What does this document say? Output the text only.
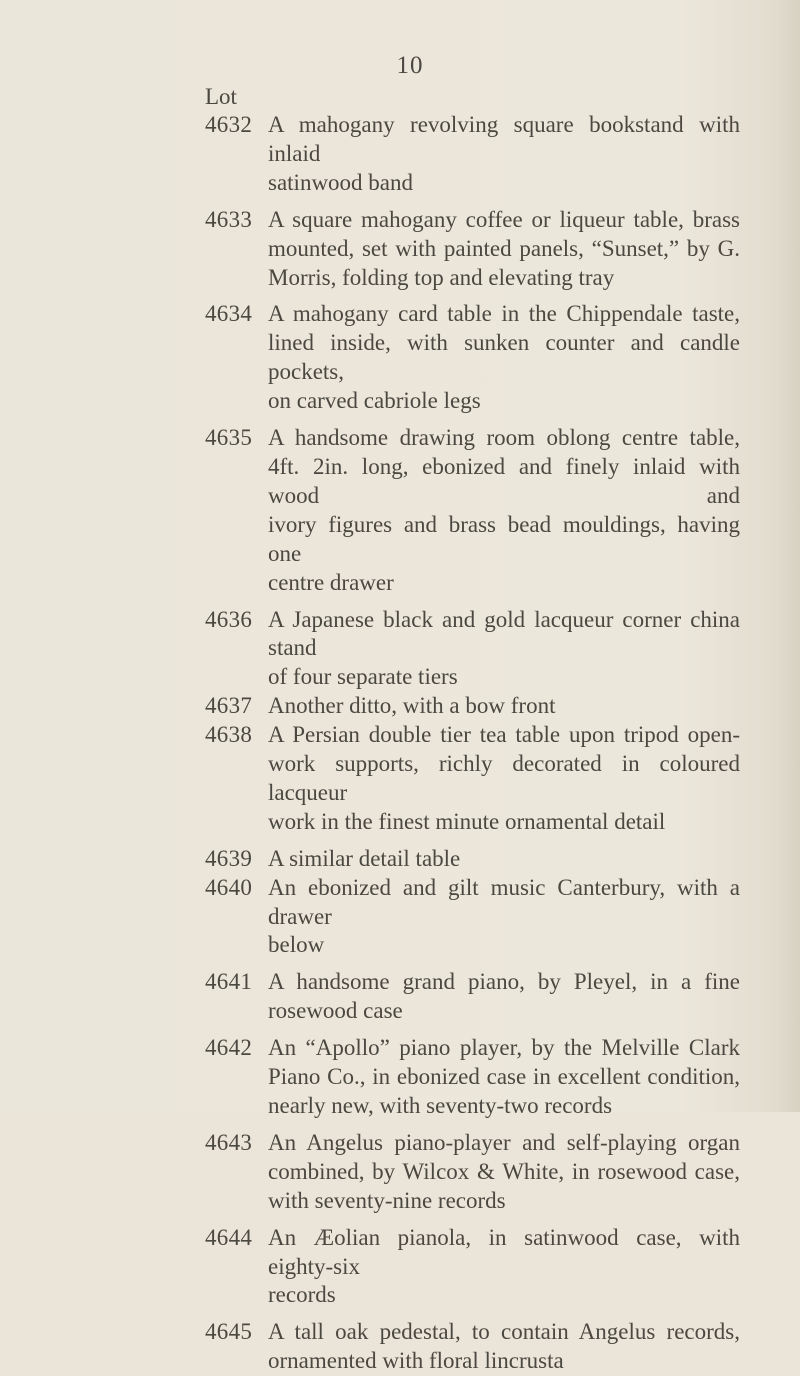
10
Lot
4632 A mahogany revolving square bookstand with inlaid
satinwood band
4633 A square mahogany coffee or liqueur table, brass
mounted, set with painted panels, “Sunset,” by G.
Morris, folding top and elevating tray
4634 A mahogany card table in the Chippendale taste,
lined inside, with sunken counter and candle pockets,
on carved cabriole legs
4635 A handsome drawing room oblong centre table,
4ft. 2in. long, ebonized and finely inlaid with wood and
ivory figures and brass bead mouldings, having one
centre drawer
4636 A Japanese black and gold lacqueur corner china stand
of four separate tiers
4637 Another ditto, with a bow front
4638 A Persian double tier tea table upon tripod open-
work supports, richly decorated in coloured lacqueur
work in the finest minute ornamental detail
4639 A similar detail table
4640 An ebonized and gilt music Canterbury, with a drawer
below
4641 A handsome grand piano, by Pleyel, in a fine
rosewood case
4642 An “Apollo” piano player, by the Melville Clark
Piano Co., in ebonized case in excellent condition,
nearly new, with seventy-two records
4643 An Angelus piano-player and self-playing organ
combined, by Wilcox & White, in rosewood case,
with seventy-nine records
4644 An Æolian pianola, in satinwood case, with eighty-six
records
4645 A tall oak pedestal, to contain Angelus records,
ornamented with floral lincrusta
